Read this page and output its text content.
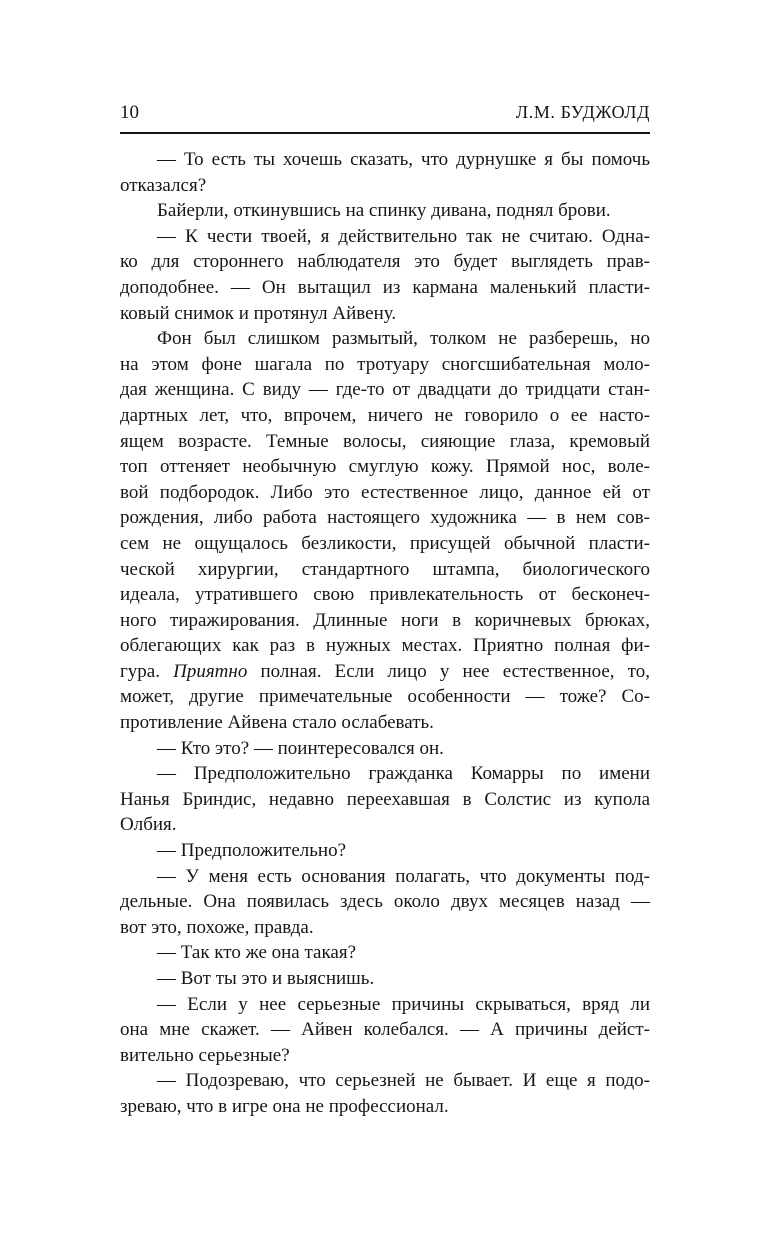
10	Л.М. БУДЖОЛД
— То есть ты хочешь сказать, что дурнушке я бы помочь
отказался?
Байерли, откинувшись на спинку дивана, поднял брови.
— К чести твоей, я действительно так не считаю. Одна-
ко для стороннего наблюдателя это будет выглядеть прав-
доподобнее. — Он вытащил из кармана маленький пласти-
ковый снимок и протянул Айвену.
Фон был слишком размытый, толком не разберешь, но
на этом фоне шагала по тротуару сногсшибательная моло-
дая женщина. С виду — где-то от двадцати до тридцати стан-
дартных лет, что, впрочем, ничего не говорило о ее насто-
ящем возрасте. Темные волосы, сияющие глаза, кремовый
топ оттеняет необычную смуглую кожу. Прямой нос, воле-
вой подбородок. Либо это естественное лицо, данное ей от
рождения, либо работа настоящего художника — в нем сов-
сем не ощущалось безликости, присущей обычной пласти-
ческой хирургии, стандартного штампа, биологического
идеала, утратившего свою привлекательность от бесконеч-
ного тиражирования. Длинные ноги в коричневых брюках,
облегающих как раз в нужных местах. Приятно полная фи-
гура. Приятно полная. Если лицо у нее естественное, то,
может, другие примечательные особенности — тоже? Со-
противление Айвена стало ослабевать.
— Кто это? — поинтересовался он.
— Предположительно гражданка Комарры по имени
Нанья Бриндис, недавно переехавшая в Солстис из купола
Олбия.
— Предположительно?
— У меня есть основания полагать, что документы под-
дельные. Она появилась здесь около двух месяцев назад —
вот это, похоже, правда.
— Так кто же она такая?
— Вот ты это и выяснишь.
— Если у нее серьезные причины скрываться, вряд ли
она мне скажет. — Айвен колебался. — А причины дейст-
вительно серьезные?
— Подозреваю, что серьезней не бывает. И еще я подо-
зреваю, что в игре она не профессионал.
